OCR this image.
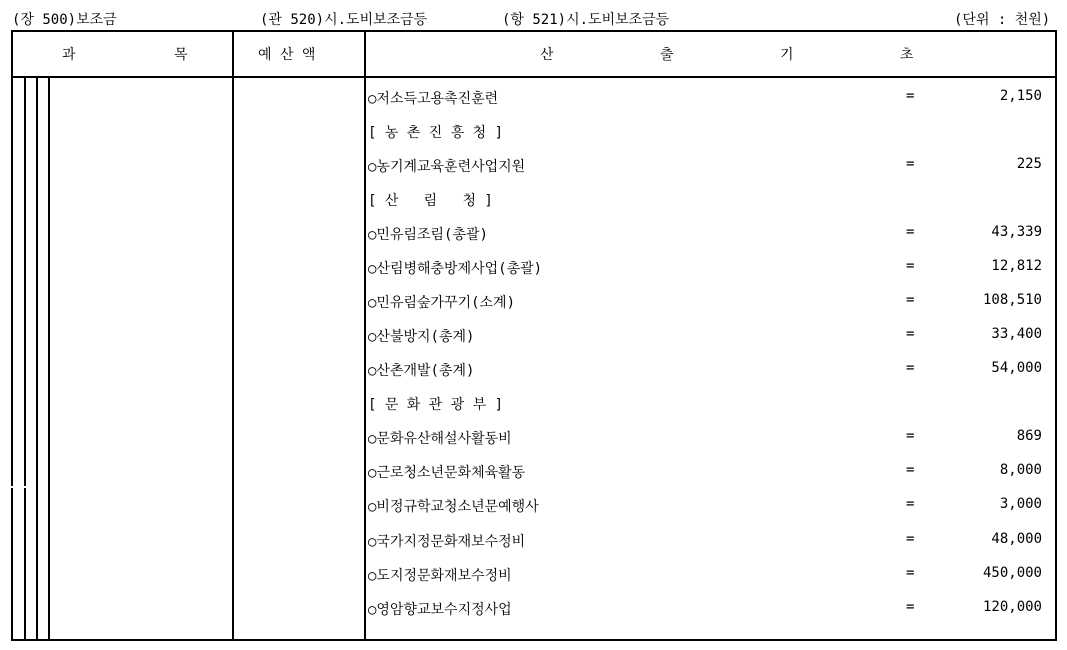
(장 500)보조금	(관 520)시.도비보조금등	(항 521)시.도비보조금등	(단위 : 천원)
과	목	예 산 액	산	출	기	초
○저소득고용촉진훈련	=	2,150
[ 농 촌 진 흥 청 ]
○농기계교육훈련사업지원	=	225
[ 산   림   청 ]
○민유림조림(총괄)	=	43,339
○산림병해충방제사업(총괄)	=	12,812
○민유림숲가꾸기(소계)	=	108,510
○산불방지(총계)	=	33,400
○산촌개발(총계)	=	54,000
[ 문 화 관 광 부 ]
○문화유산해설사활동비	=	869
○근로청소년문화체육활동	=	8,000
○비정규학교청소년문예행사	=	3,000
○국가지정문화재보수정비	=	48,000
○도지정문화재보수정비	=	450,000
○영암향교보수지정사업	=	120,000
